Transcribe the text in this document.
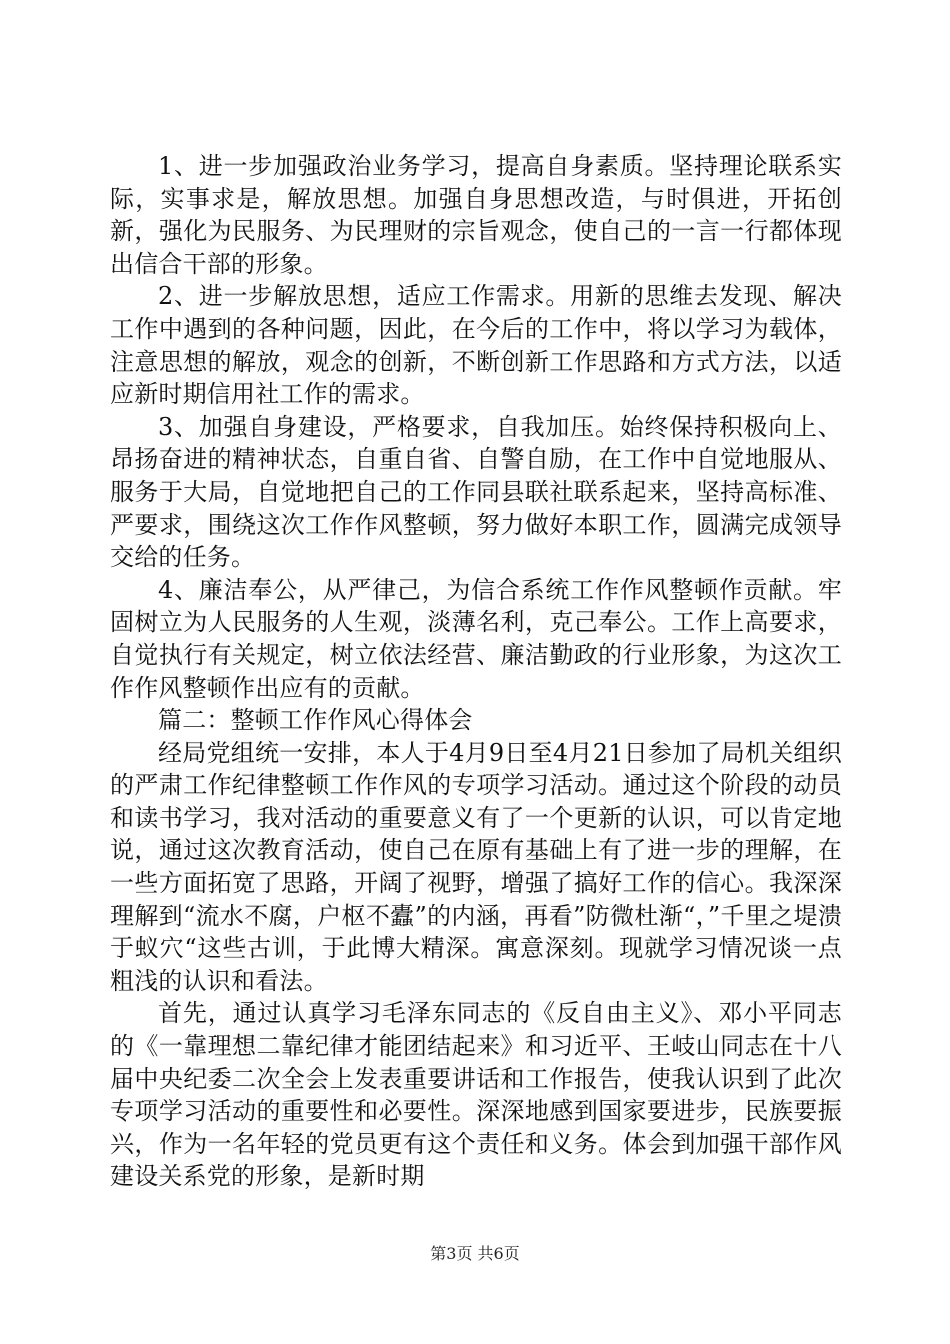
1、进一步加强政治业务学习，提高自身素质。坚持理论联系实际，实事求是，解放思想。加强自身思想改造，与时俱进，开拓创新，强化为民服务、为民理财的宗旨观念，使自己的一言一行都体现出信合干部的形象。

2、进一步解放思想，适应工作需求。用新的思维去发现、解决工作中遇到的各种问题，因此，在今后的工作中，将以学习为载体，注意思想的解放，观念的创新，不断创新工作思路和方式方法，以适应新时期信用社工作的需求。

3、加强自身建设，严格要求，自我加压。始终保持积极向上、昂扬奋进的精神状态，自重自省、自警自励，在工作中自觉地服从、服务于大局，自觉地把自己的工作同县联社联系起来，坚持高标准、严要求，围绕这次工作作风整顿，努力做好本职工作，圆满完成领导交给的任务。

4、廉洁奉公，从严律己，为信合系统工作作风整顿作贡献。牢固树立为人民服务的人生观，淡薄名利，克己奉公。工作上高要求，自觉执行有关规定，树立依法经营、廉洁勤政的行业形象，为这次工作作风整顿作出应有的贡献。

篇二：整顿工作作风心得体会

经局党组统一安排，本人于4月9日至4月21日参加了局机关组织的严肃工作纪律整顿工作作风的专项学习活动。通过这个阶段的动员和读书学习，我对活动的重要意义有了一个更新的认识，可以肯定地说，通过这次教育活动，使自己在原有基础上有了进一步的理解，在一些方面拓宽了思路，开阔了视野，增强了搞好工作的信心。我深深理解到“流水不腐，户枢不蠹”的内涵，再看”防微杜渐“，”千里之堤溃于蚁穴“这些古训，于此博大精深。寓意深刻。现就学习情况谈一点粗浅的认识和看法。

首先，通过认真学习毛泽东同志的《反自由主义》、邓小平同志的《一靠理想二靠纪律才能团结起来》和习近平、王岐山同志在十八届中央纪委二次全会上发表重要讲话和工作报告，使我认识到了此次专项学习活动的重要性和必要性。深深地感到国家要进步，民族要振兴，作为一名年轻的党员更有这个责任和义务。体会到加强干部作风建设关系党的形象，是新时期

第3页 共6页
